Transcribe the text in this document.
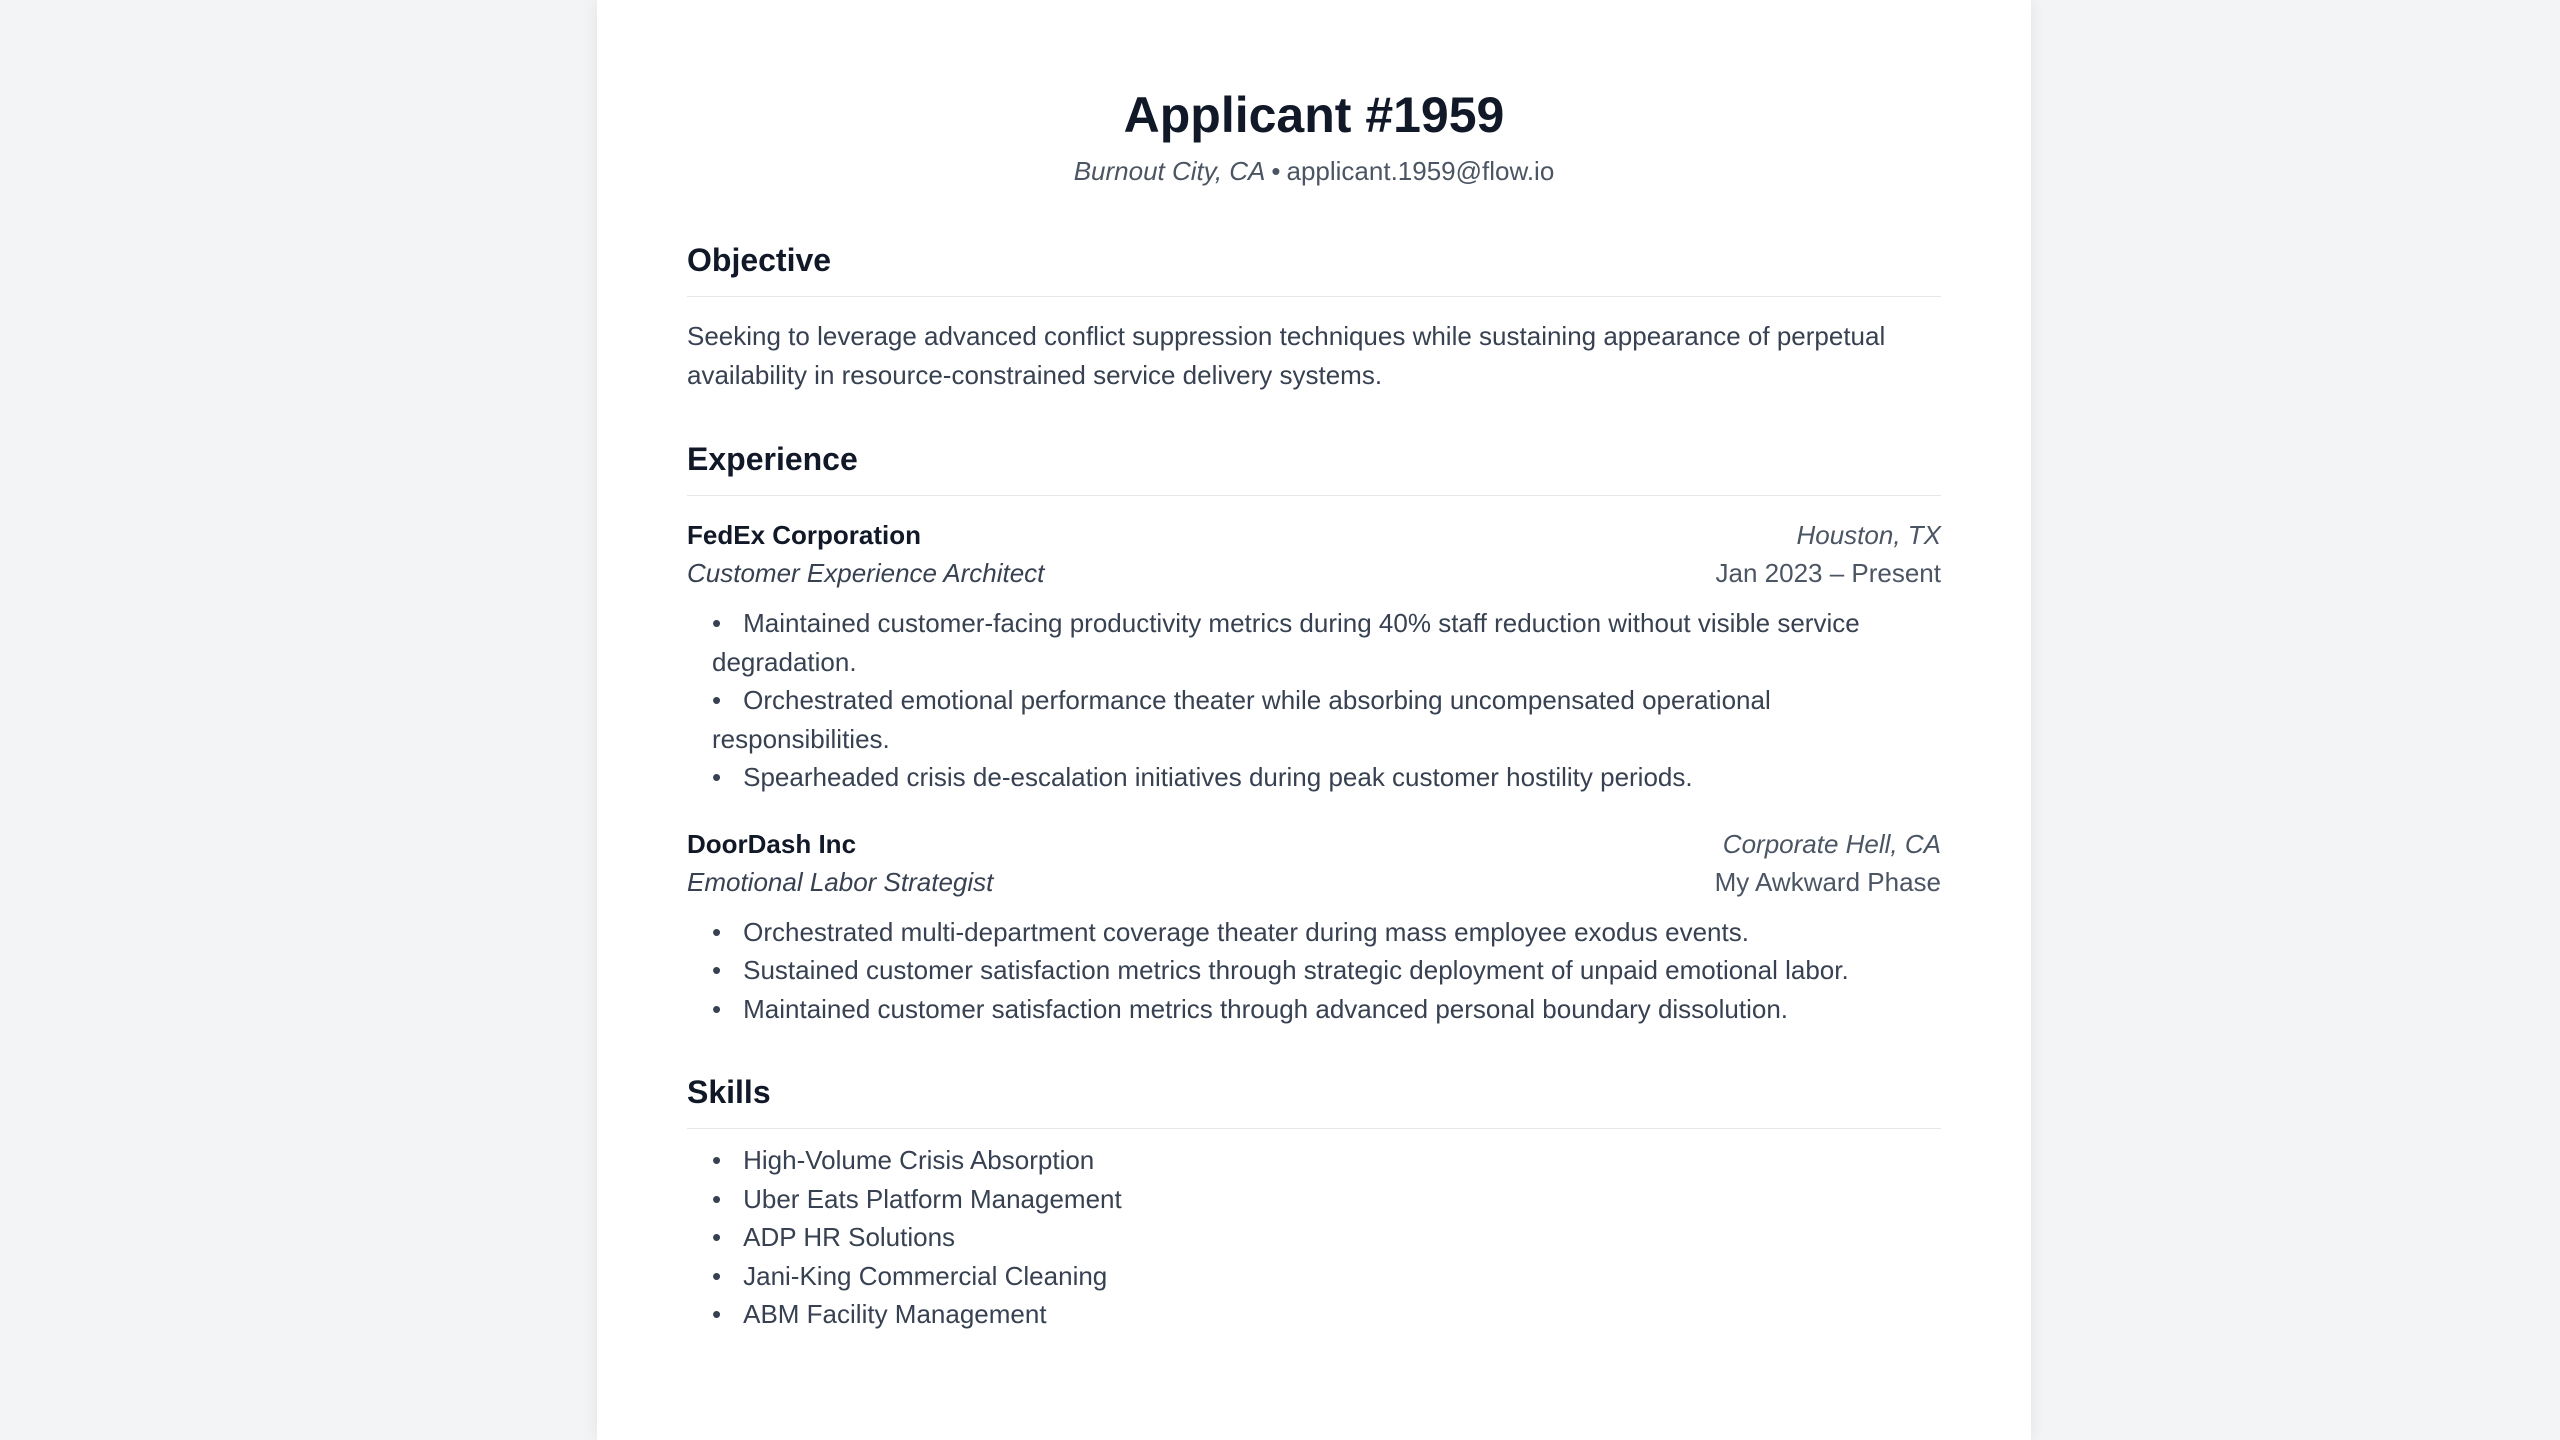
Applicant #1959
Burnout City, CA • applicant.1959@flow.io
Objective
Seeking to leverage advanced conflict suppression techniques while sustaining appearance of perpetual availability in resource-constrained service delivery systems.
Experience
FedEx Corporation	Houston, TX
Customer Experience Architect	Jan 2023 – Present
• Maintained customer-facing productivity metrics during 40% staff reduction without visible service degradation.
• Orchestrated emotional performance theater while absorbing uncompensated operational responsibilities.
• Spearheaded crisis de-escalation initiatives during peak customer hostility periods.
DoorDash Inc	Corporate Hell, CA
Emotional Labor Strategist	My Awkward Phase
• Orchestrated multi-department coverage theater during mass employee exodus events.
• Sustained customer satisfaction metrics through strategic deployment of unpaid emotional labor.
• Maintained customer satisfaction metrics through advanced personal boundary dissolution.
Skills
• High-Volume Crisis Absorption
• Uber Eats Platform Management
• ADP HR Solutions
• Jani-King Commercial Cleaning
• ABM Facility Management
